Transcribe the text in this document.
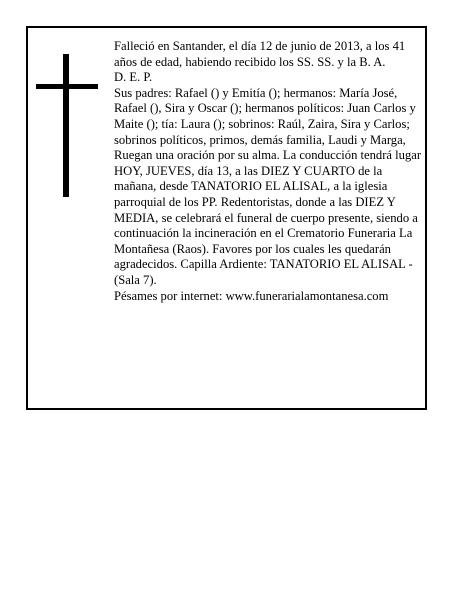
Falleció en Santander, el día 12 de junio de 2013, a los 41 años de edad, habiendo recibido los SS. SS. y la B. A.

D. E. P.

Sus padres: Rafael () y Emitía (); hermanos: María José, Rafael (), Sira y Oscar (); hermanos políticos: Juan Carlos y Maite (); tía: Laura (); sobrinos: Raúl, Zaira, Sira y Carlos; sobrinos políticos, primos, demás familia, Laudi y Marga,

Ruegan una oración por su alma. La conducción tendrá lugar HOY, JUEVES, día 13, a las DIEZ Y CUARTO de la mañana, desde TANATORIO EL ALISAL, a la iglesia parroquial de los PP. Redentoristas, donde a las DIEZ Y MEDIA, se celebrará el funeral de cuerpo presente, siendo a continuación la incineración en el Crematorio Funeraria La Montañesa (Raos). Favores por los cuales les quedarán agradecidos. Capilla Ardiente: TANATORIO EL ALISAL - (Sala 7).

Pésames por internet: www.funerarialamontanesa.com
